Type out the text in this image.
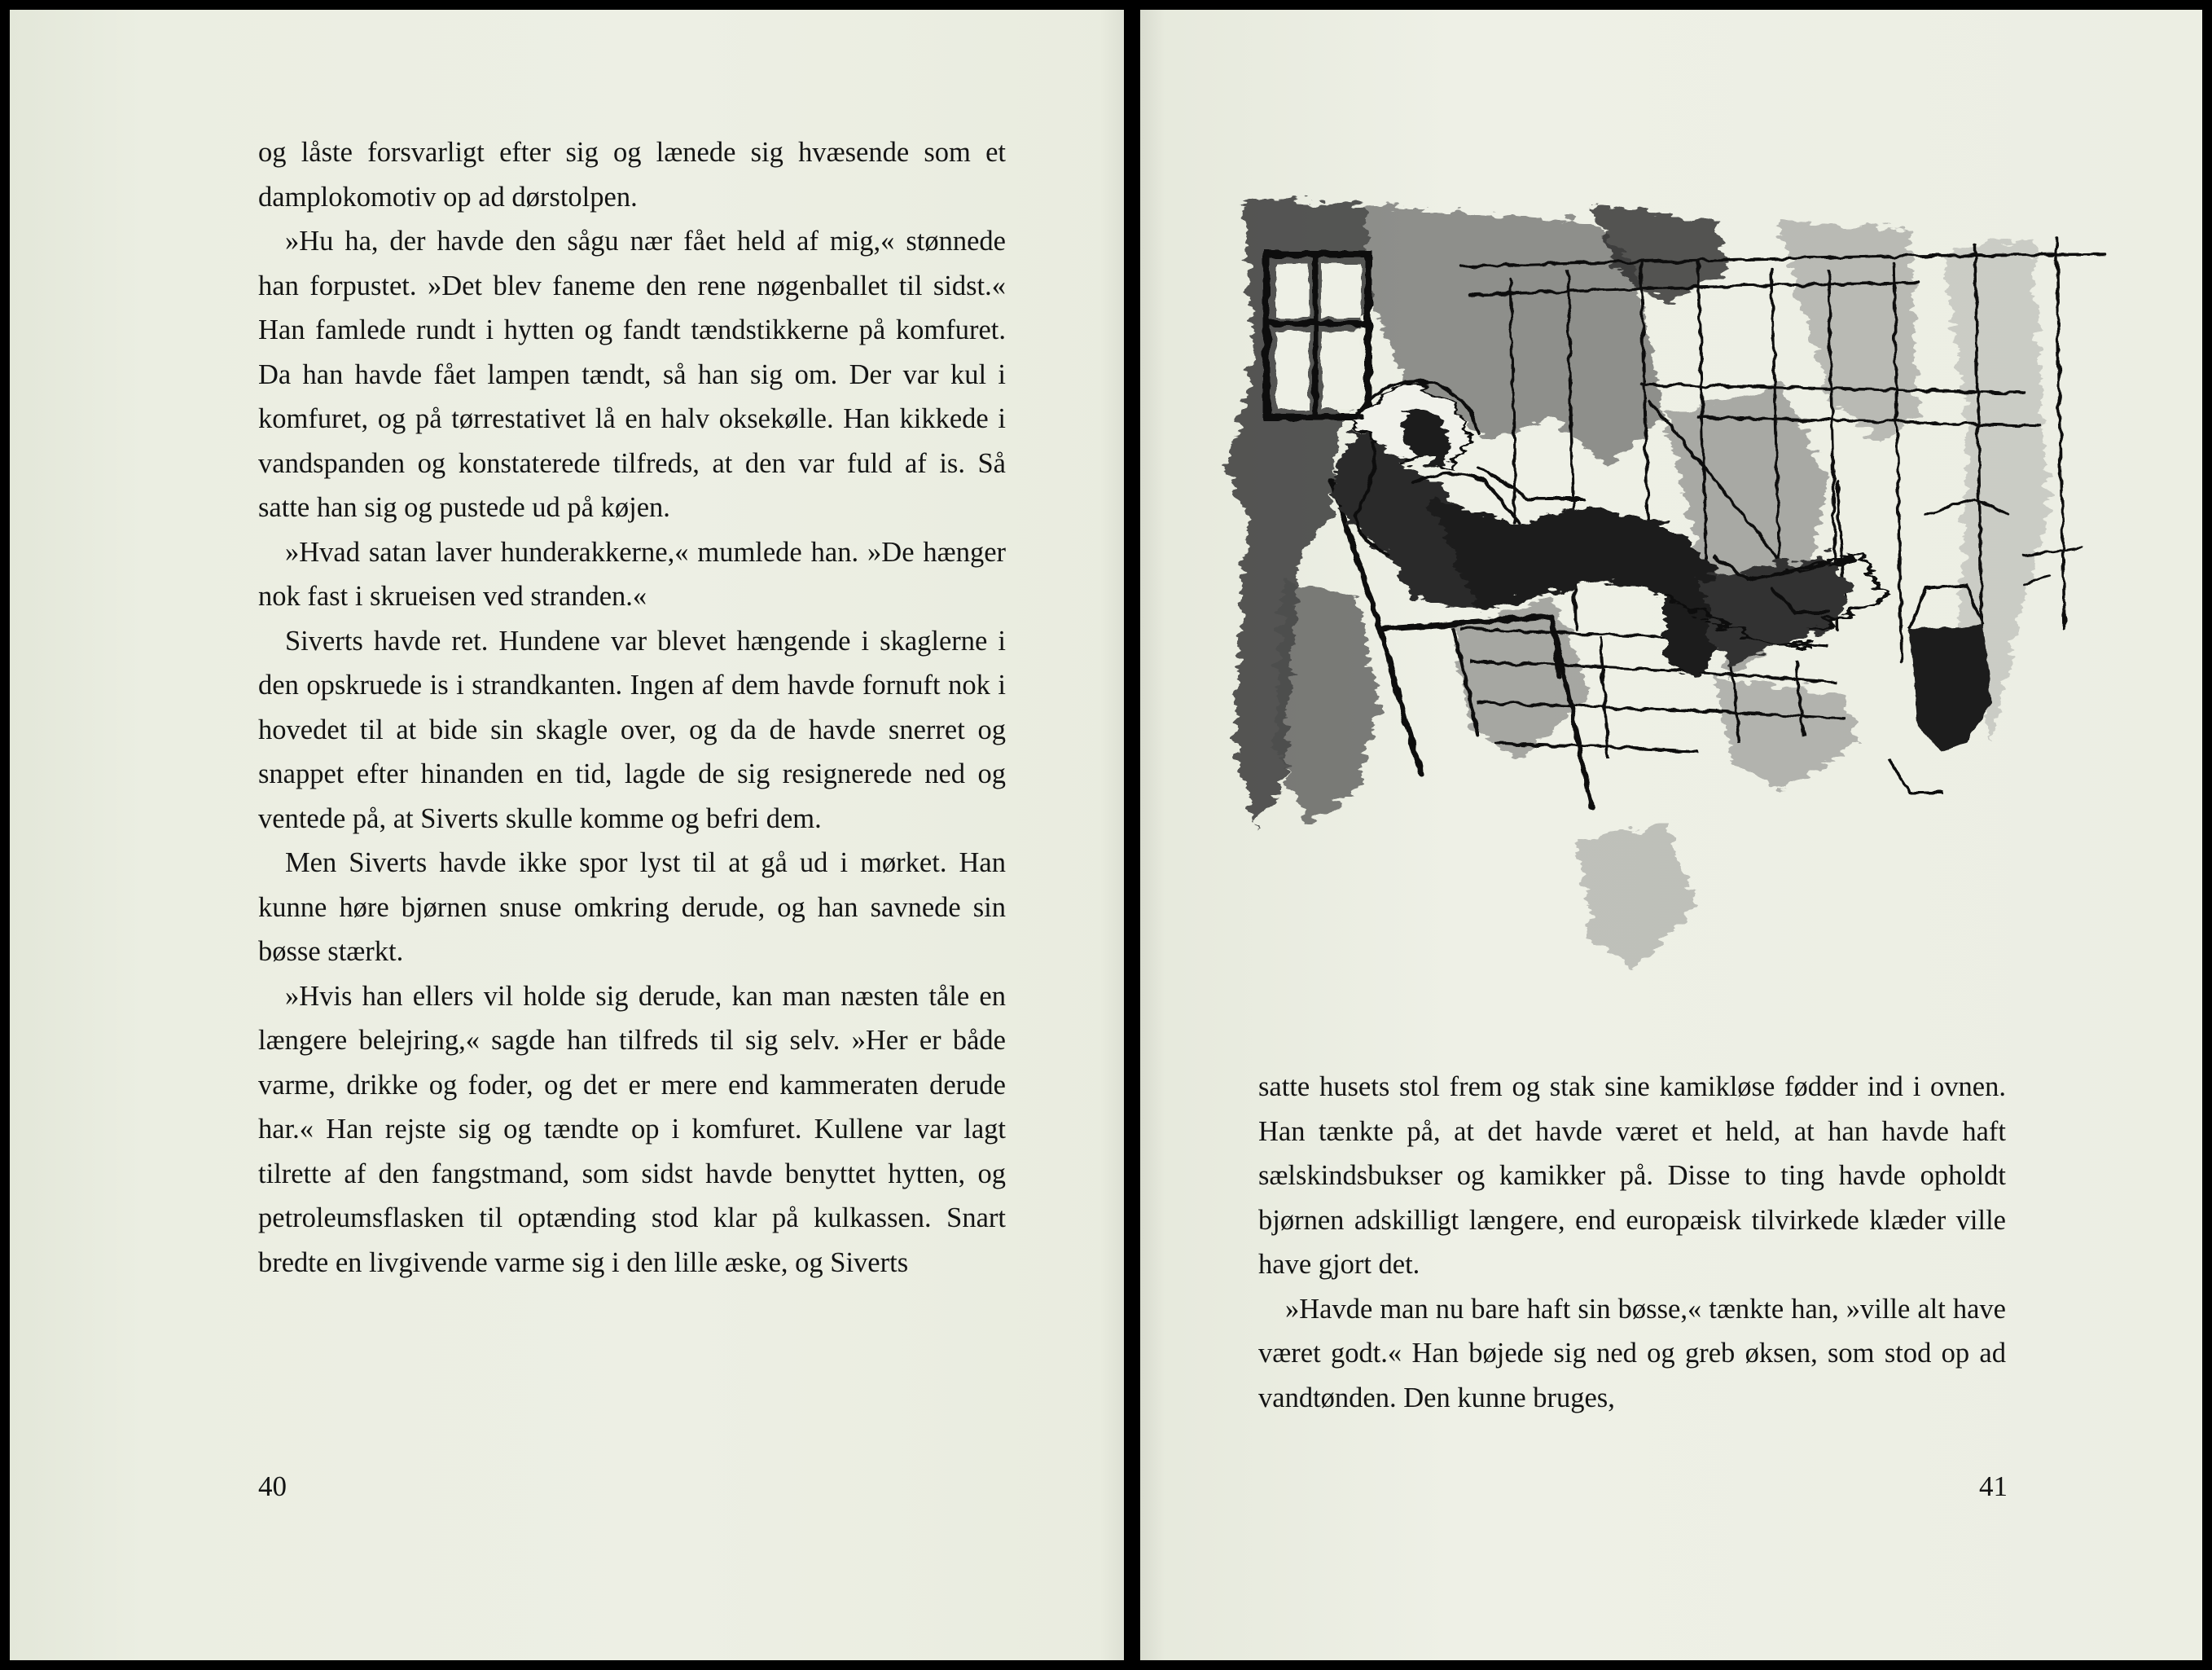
og låste forsvarligt efter sig og lænede sig hvæsende som et damplokomotiv op ad dørstolpen.

»Hu ha, der havde den sågu nær fået held af mig,« stønnede han forpustet. »Det blev faneme den rene nøgenballet til sidst.« Han famlede rundt i hytten og fandt tændstikkerne på komfuret. Da han havde fået lampen tændt, så han sig om. Der var kul i komfuret, og på tørrestativet lå en halv oksekølle. Han kikkede i vandspanden og konstaterede tilfreds, at den var fuld af is. Så satte han sig og pustede ud på køjen.

»Hvad satan laver hunderakkerne,« mumlede han. »De hænger nok fast i skrueisen ved stranden.«

Siverts havde ret. Hundene var blevet hængende i skaglerne i den opskruede is i strandkanten. Ingen af dem havde fornuft nok i hovedet til at bide sin skagle over, og da de havde snerret og snappet efter hinanden en tid, lagde de sig resignerede ned og ventede på, at Siverts skulle komme og befri dem.

Men Siverts havde ikke spor lyst til at gå ud i mørket. Han kunne høre bjørnen snuse omkring derude, og han savnede sin bøsse stærkt.

»Hvis han ellers vil holde sig derude, kan man næsten tåle en længere belejring,« sagde han tilfreds til sig selv. »Her er både varme, drikke og foder, og det er mere end kammeraten derude har.« Han rejste sig og tændte op i komfuret. Kullene var lagt tilrette af den fangstmand, som sidst havde benyttet hytten, og petroleumsflasken til optænding stod klar på kulkassen. Snart bredte en livgivende varme sig i den lille æske, og Siverts

40

satte husets stol frem og stak sine kamikløse fødder ind i ovnen. Han tænkte på, at det havde været et held, at han havde haft sælskindsbukser og kamikker på. Disse to ting havde opholdt bjørnen adskilligt længere, end europæisk tilvirkede klæder ville have gjort det.

»Havde man nu bare haft sin bøsse,« tænkte han, »ville alt have været godt.« Han bøjede sig ned og greb øksen, som stod op ad vandtønden. Den kunne bruges,

41
